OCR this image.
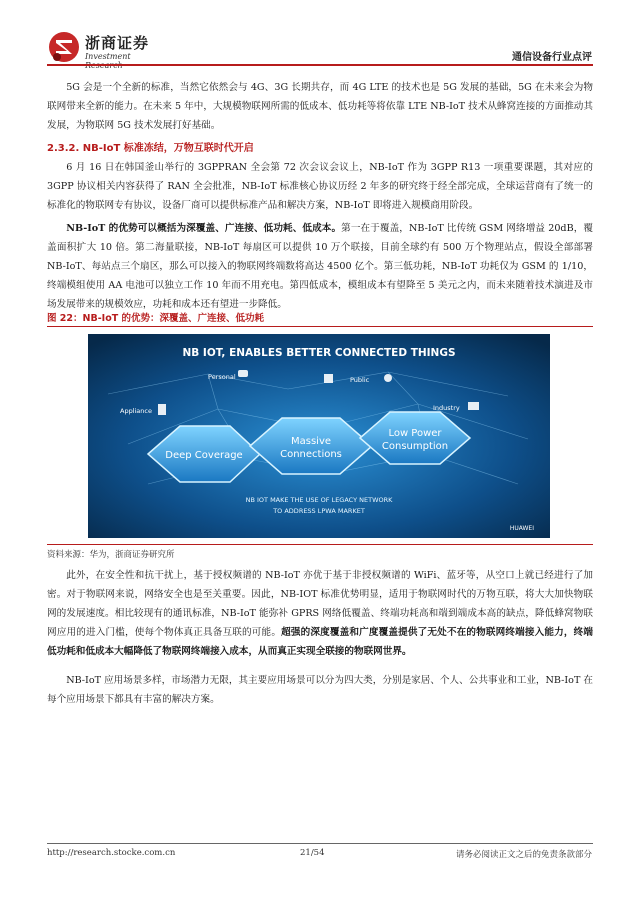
浙商证券
Investment	通信设备行业点评
5G 会是一个全新的标准，当然它依然会与 4G、3G 长期共存，而 4G LTE 的技术也是 5G 发展的基础，5G 在未来会为物联网带来全新的能力。在未来 5 年中，大规模物联网所需的低成本、低功耗等将依靠 LTE NB-IoT 技术从蜂窝连接的方面推动其发展，为物联网 5G 技术发展打好基础。
2.3.2. NB-IoT 标准冻结，万物互联时代开启
6 月 16 日在韩国釜山举行的 3GPPRAN 全会第 72 次会议会议上，NB-IoT 作为 3GPP R13 一项重要课题，其对应的 3GPP 协议相关内容获得了 RAN 全会批准，NB-IoT 标准核心协议历经 2 年多的研究终于经全部完成，全球运营商有了统一的标准化的物联网专有协议，设备厂商可以提供标准产品和解决方案，NB-IoT 即将进入规模商用阶段。
NB-IoT 的优势可以概括为深覆盖、广连接、低功耗、低成本。第一在于覆盖，NB-IoT 比传统 GSM 网络增益 20dB，覆盖面积扩大 10 倍。第二海量联接，NB-IoT 每扇区可以提供 10 万个联接，目前全球约有 500 万个物理站点，假设全部部署 NB-IoT、每站点三个扇区，那么可以接入的物联网终端数将高达 4500 亿个。第三低功耗，NB-IoT 功耗仅为 GSM 的 1/10，终端模组使用 AA 电池可以独立工作 10 年而不用充电。第四低成本，模组成本有望降至 5 美元之内，而未来随着技术演进及市场发展带来的规模效应，功耗和成本还有望进一步降低。
图 22：NB-IoT 的优势：深覆盖、广连接、低功耗
NB IOT, ENABLES BETTER CONNECTED THINGS
Personal	Public
Appliance	Industry
Deep Coverage
Massive
Connections
Low Power
Consumption
NB IOT MAKE THE USE OF LEGACY NETWORK
TO ADDRESS LPWA MARKET
HUAWEI
资料来源：华为，浙商证券研究所
此外，在安全性和抗干扰上，基于授权频谱的 NB-IoT 亦优于基于非授权频谱的 WiFi、蓝牙等，从空口上就已经进行了加密。对于物联网来说，网络安全也是至关重要。因此，NB-IOT 标准优势明显，适用于物联网时代的万物互联，将大大加快物联网的发展速度。相比较现有的通讯标准，NB-IoT 能弥补 GPRS 网络低覆盖、终端功耗高和端到端成本高的缺点，降低蜂窝物联网应用的进入门槛，使每个物体真正具备互联的可能。超强的深度覆盖和广度覆盖提供了无处不在的物联网终端接入能力，终端低功耗和低成本大幅降低了物联网终端接入成本，从而真正实现全联接的物联网世界。
NB-IoT 应用场景多样，市场潜力无限，其主要应用场景可以分为四大类，分别是家居、个人、公共事业和工业，NB-IoT 在每个应用场景下都具有丰富的解决方案。
http://research.stocke.com.cn	21/54	请务必阅读正文之后的免责条款部分
